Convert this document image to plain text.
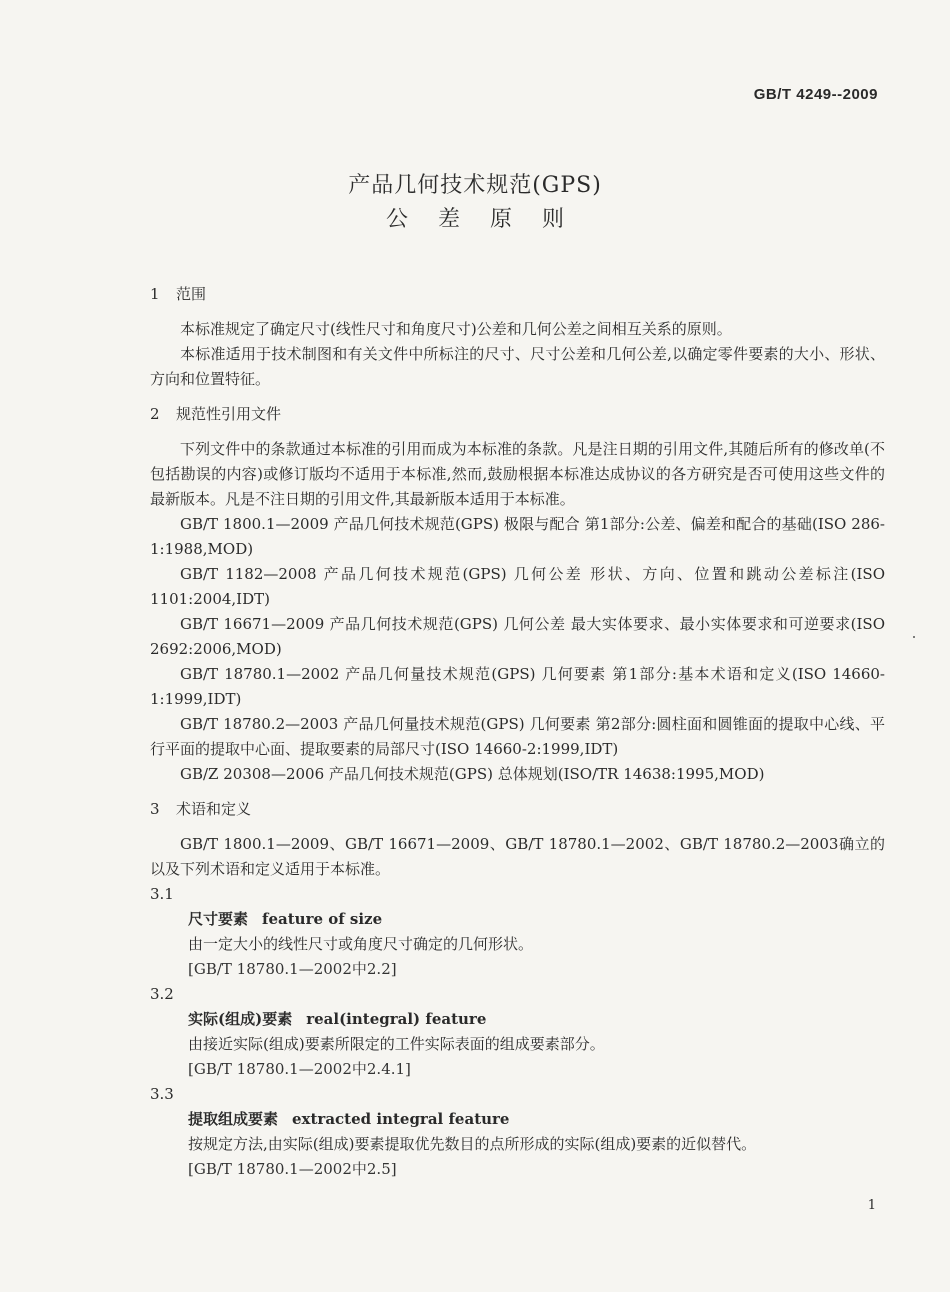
GB/T 4249--2009
产品几何技术规范(GPS)
公差原则

1 范围

本标准规定了确定尺寸(线性尺寸和角度尺寸)公差和几何公差之间相互关系的原则。

本标准适用于技术制图和有关文件中所标注的尺寸、尺寸公差和几何公差,以确定零件要素的大小、形状、方向和位置特征。

2 规范性引用文件

下列文件中的条款通过本标准的引用而成为本标准的条款。凡是注日期的引用文件,其随后所有的修改单(不包括勘误的内容)或修订版均不适用于本标准,然而,鼓励根据本标准达成协议的各方研究是否可使用这些文件的最新版本。凡是不注日期的引用文件,其最新版本适用于本标准。

GB/T 1800.1—2009 产品几何技术规范(GPS) 极限与配合 第1部分:公差、偏差和配合的基础(ISO 286-1:1988,MOD)

GB/T 1182—2008 产品几何技术规范(GPS) 几何公差 形状、方向、位置和跳动公差标注(ISO 1101:2004,IDT)

GB/T 16671—2009 产品几何技术规范(GPS) 几何公差 最大实体要求、最小实体要求和可逆要求(ISO 2692:2006,MOD)

GB/T 18780.1—2002 产品几何量技术规范(GPS) 几何要素 第1部分:基本术语和定义(ISO 14660-1:1999,IDT)

GB/T 18780.2—2003 产品几何量技术规范(GPS) 几何要素 第2部分:圆柱面和圆锥面的提取中心线、平行平面的提取中心面、提取要素的局部尺寸(ISO 14660-2:1999,IDT)

GB/Z 20308—2006 产品几何技术规范(GPS) 总体规划(ISO/TR 14638:1995,MOD)

3 术语和定义

GB/T 1800.1—2009、GB/T 16671—2009、GB/T 18780.1—2002、GB/T 18780.2—2003确立的以及下列术语和定义适用于本标准。

3.1

尺寸要素 feature of size

由一定大小的线性尺寸或角度尺寸确定的几何形状。

[GB/T 18780.1—2002中2.2]

3.2

实际(组成)要素 real(integral) feature

由接近实际(组成)要素所限定的工件实际表面的组成要素部分。

[GB/T 18780.1—2002中2.4.1]

3.3

提取组成要素 extracted integral feature

按规定方法,由实际(组成)要素提取优先数目的点所形成的实际(组成)要素的近似替代。

[GB/T 18780.1—2002中2.5]

1
